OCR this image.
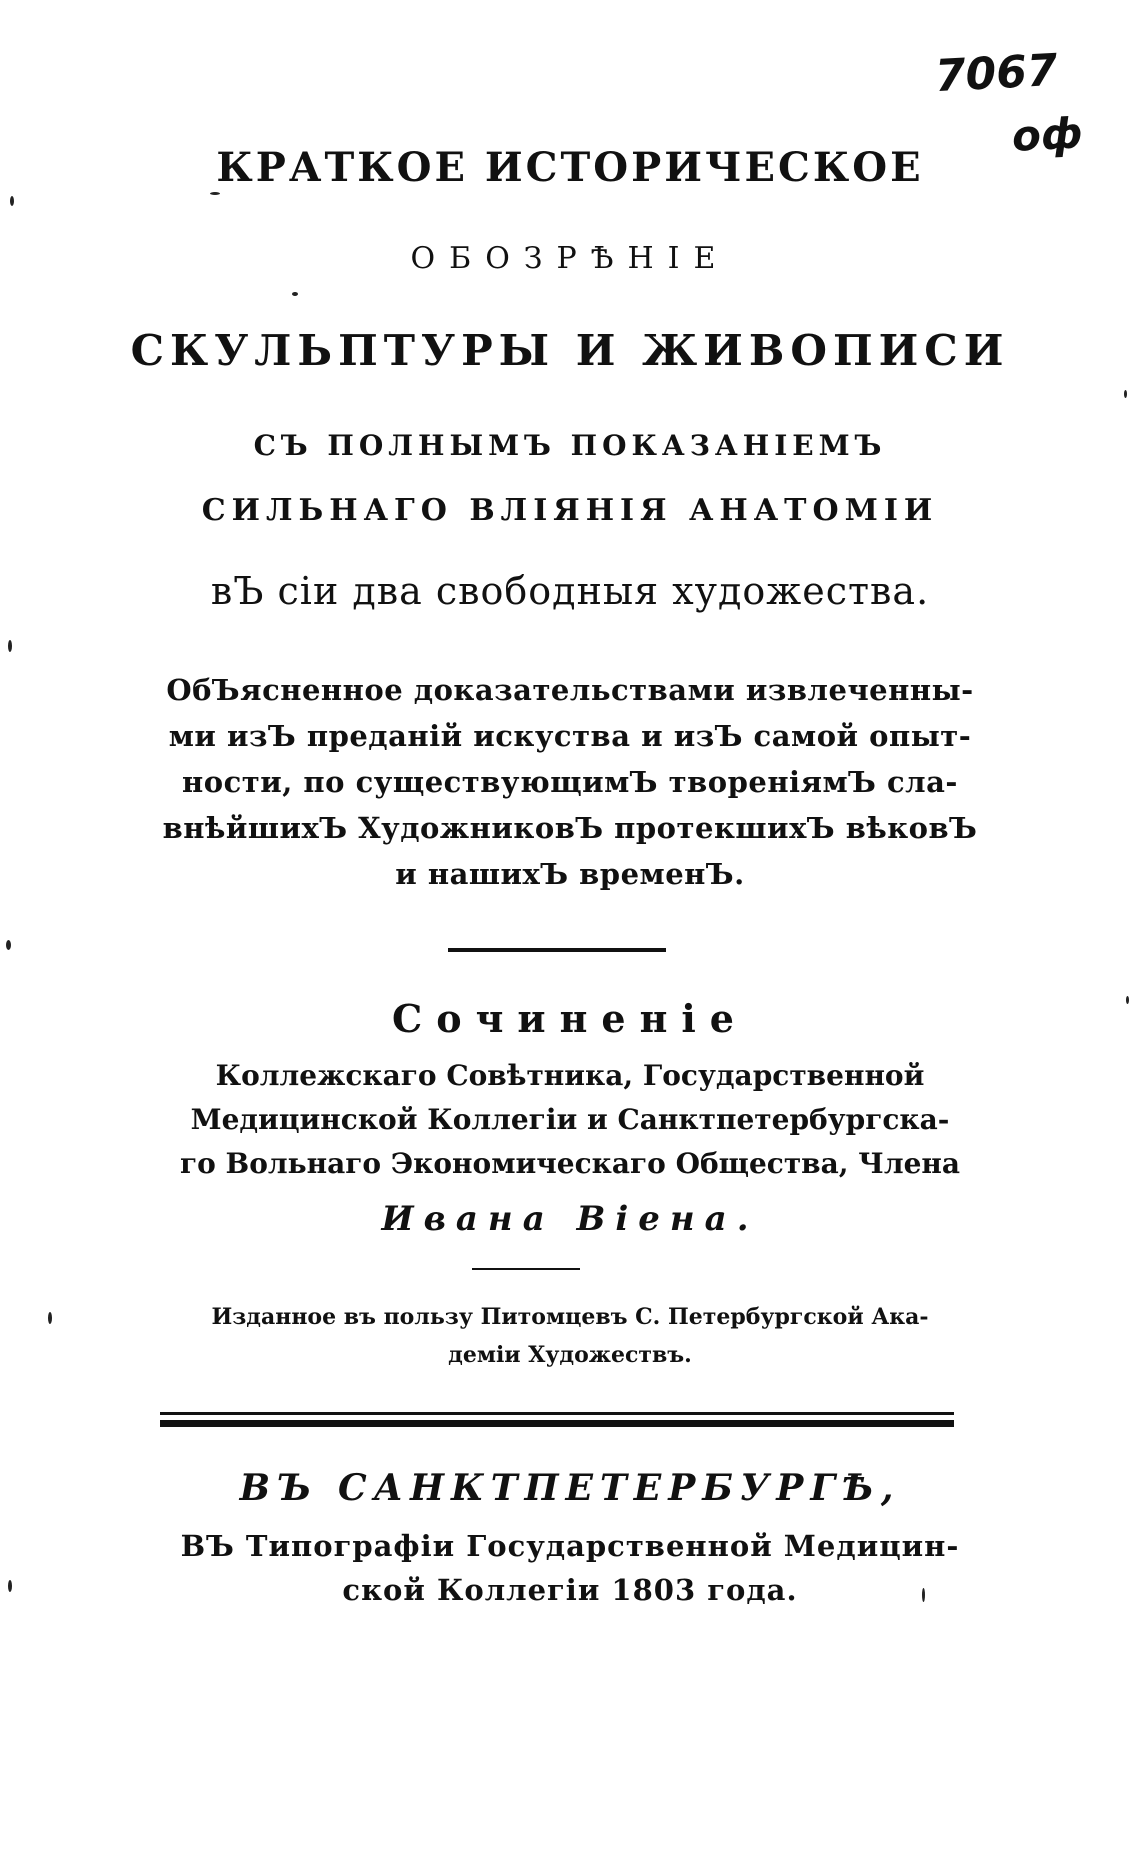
7067
оф
КРАТКОЕ ИСТОРИЧЕСКОЕ
ОБОЗРѢНІЕ
СКУЛЬПТУРЫ И ЖИВОПИСИ
СЪ ПОЛНЫМЪ ПОКАЗАНІЕМЪ
СИЛЬНАГО ВЛІЯНІЯ АНАТОМІИ
вЪ сіи два свободныя художества.
ОбЪясненное доказательствами извлеченны-
ми изЪ преданій искуства и изЪ самой опыт-
ности, по существующимЪ твореніямЪ сла-
внѣйшихЪ ХудожниковЪ протекшихЪ вѣковЪ
и нашихЪ временЪ.
Сочиненіе
Коллежскаго Совѣтника, Государственной
Медицинской Коллегіи и Санктпетербургска-
го Вольнаго Экономическаго Общества, Члена
Ивана Віена.
Изданное въ пользу Питомцевъ С. Петербургской Ака-
деміи Художествъ.
ВЪ САНКТПЕТЕРБУРГѢ,
ВЪ Типографіи Государственной Медицин-
ской Коллегіи 1803 года.
